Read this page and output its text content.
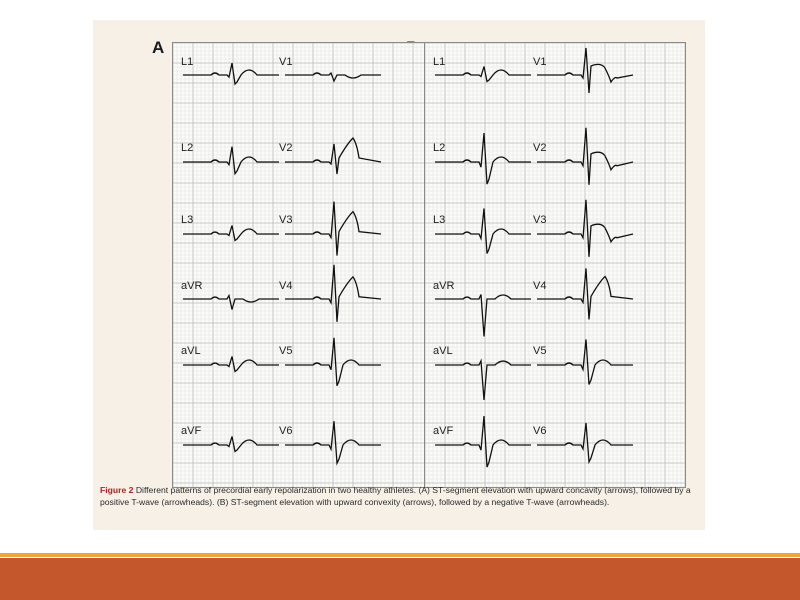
A
L1
L2
L3
aVR
aVL
aVF
V1
V2
V3
V4
V5
V6
L1
L2
L3
aVR
aVL
aVF
V1
V2
V3
V4
V5
V6
Figure 2 Different patterns of precordial early repolarization in two healthy athletes. (A) ST-segment elevation with upward concavity (arrows), followed by a positive T-wave (arrowheads). (B) ST-segment elevation with upward convexity (arrows), followed by a negative T-wave (arrowheads).
